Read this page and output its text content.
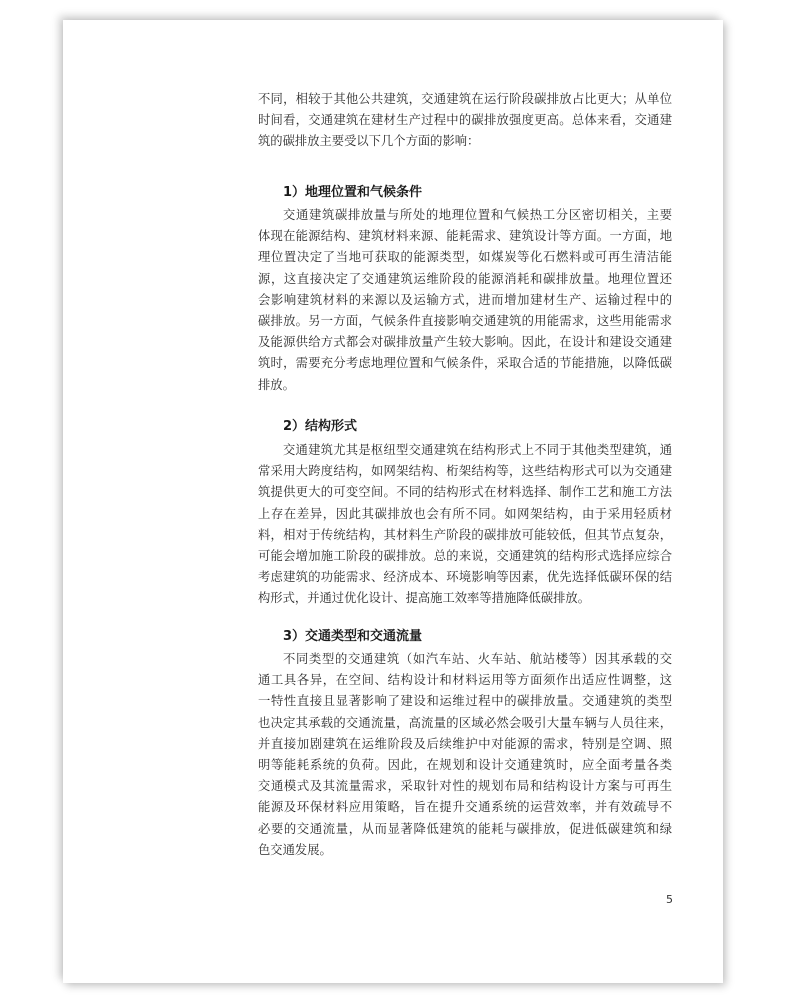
不同，相较于其他公共建筑，交通建筑在运行阶段碳排放占比更大；从单位
时间看，交通建筑在建材生产过程中的碳排放强度更高。总体来看，交通建
筑的碳排放主要受以下几个方面的影响：
1）地理位置和气候条件
交通建筑碳排放量与所处的地理位置和气候热工分区密切相关，主要
体现在能源结构、建筑材料来源、能耗需求、建筑设计等方面。一方面，地
理位置决定了当地可获取的能源类型，如煤炭等化石燃料或可再生清洁能
源，这直接决定了交通建筑运维阶段的能源消耗和碳排放量。地理位置还
会影响建筑材料的来源以及运输方式，进而增加建材生产、运输过程中的
碳排放。另一方面，气候条件直接影响交通建筑的用能需求，这些用能需求
及能源供给方式都会对碳排放量产生较大影响。因此，在设计和建设交通建
筑时，需要充分考虑地理位置和气候条件，采取合适的节能措施，以降低碳
排放。
2）结构形式
交通建筑尤其是枢纽型交通建筑在结构形式上不同于其他类型建筑，通
常采用大跨度结构，如网架结构、桁架结构等，这些结构形式可以为交通建
筑提供更大的可变空间。不同的结构形式在材料选择、制作工艺和施工方法
上存在差异，因此其碳排放也会有所不同。如网架结构，由于采用轻质材
料，相对于传统结构，其材料生产阶段的碳排放可能较低，但其节点复杂，
可能会增加施工阶段的碳排放。总的来说，交通建筑的结构形式选择应综合
考虑建筑的功能需求、经济成本、环境影响等因素，优先选择低碳环保的结
构形式，并通过优化设计、提高施工效率等措施降低碳排放。
3）交通类型和交通流量
不同类型的交通建筑（如汽车站、火车站、航站楼等）因其承载的交
通工具各异，在空间、结构设计和材料运用等方面须作出适应性调整，这
一特性直接且显著影响了建设和运维过程中的碳排放量。交通建筑的类型
也决定其承载的交通流量，高流量的区域必然会吸引大量车辆与人员往来，
并直接加剧建筑在运维阶段及后续维护中对能源的需求，特别是空调、照
明等能耗系统的负荷。因此，在规划和设计交通建筑时，应全面考量各类
交通模式及其流量需求，采取针对性的规划布局和结构设计方案与可再生
能源及环保材料应用策略，旨在提升交通系统的运营效率，并有效疏导不
必要的交通流量，从而显著降低建筑的能耗与碳排放，促进低碳建筑和绿
色交通发展。
5
